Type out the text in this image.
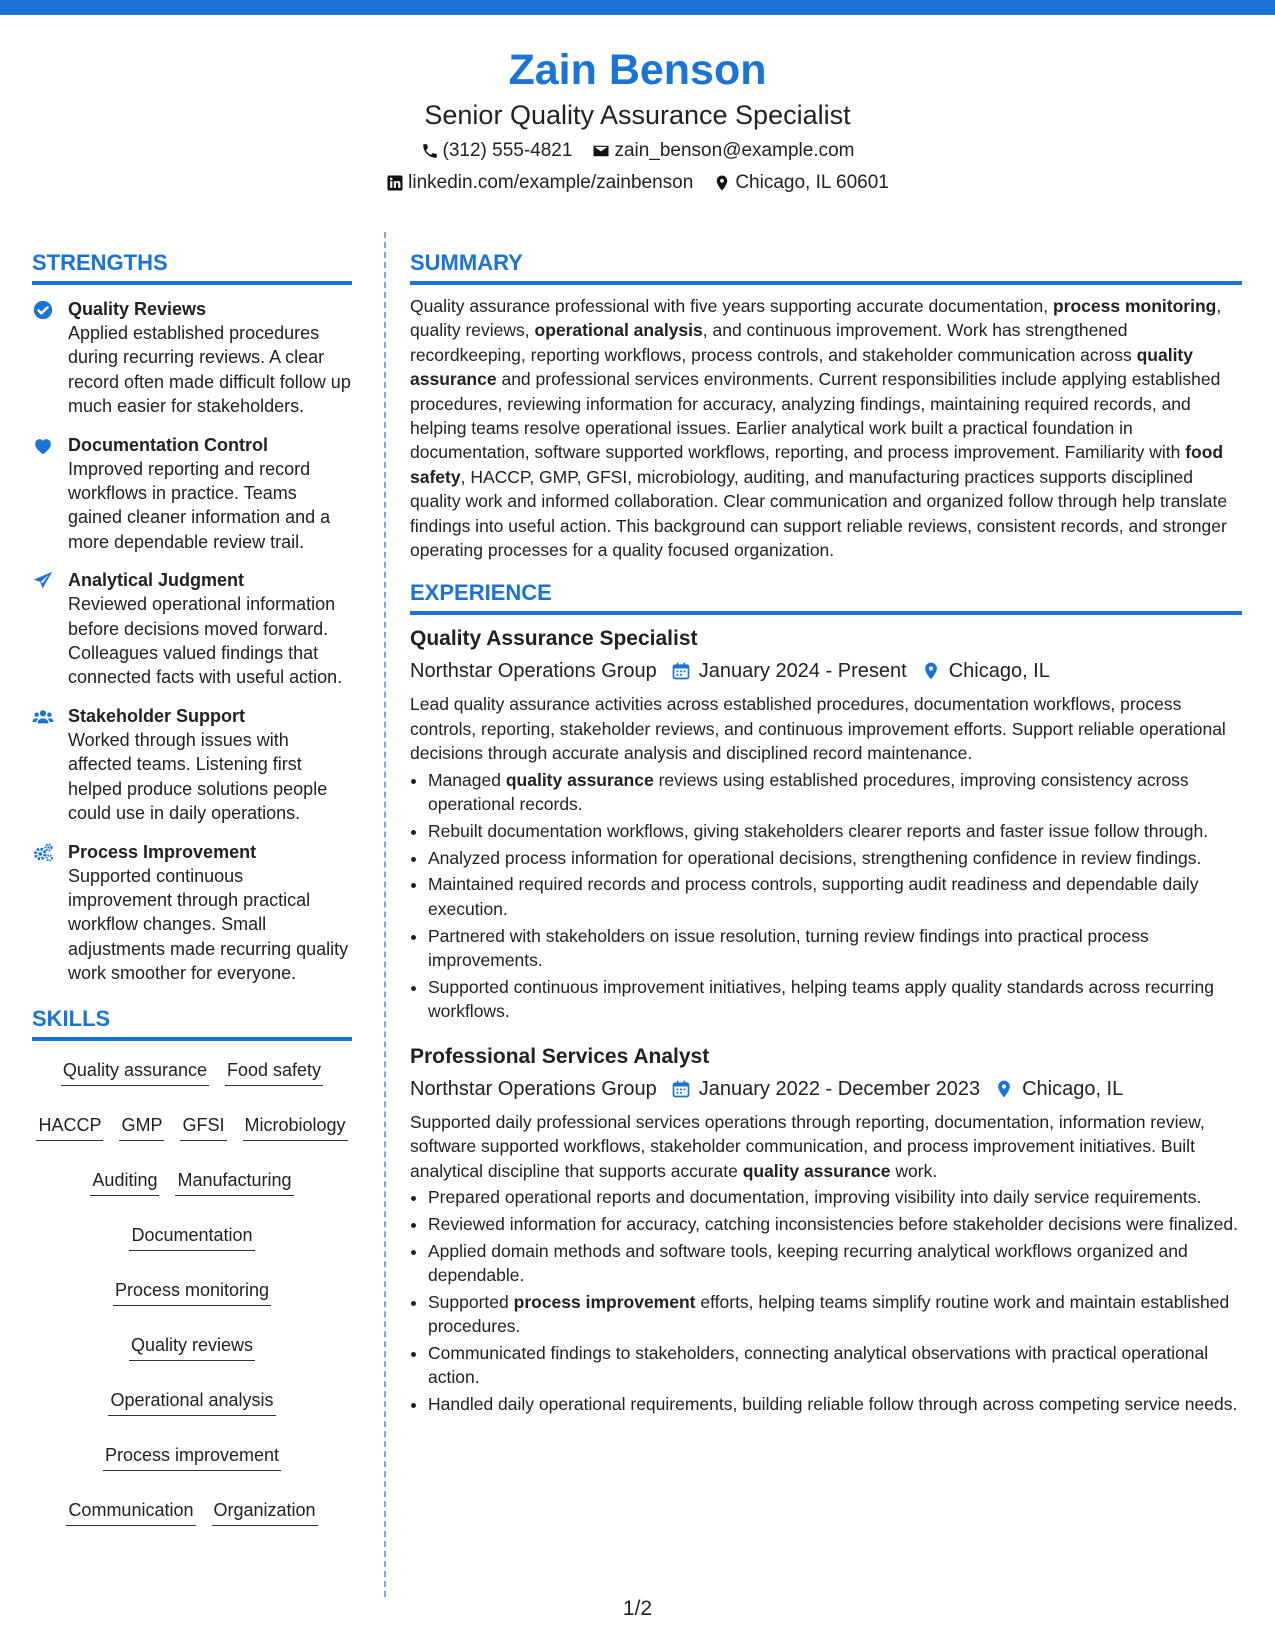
Zain Benson
Senior Quality Assurance Specialist
(312) 555-4821 zain_benson@example.com
linkedin.com/example/zainbenson Chicago, IL 60601
STRENGTHS
Quality Reviews
Applied established procedures during recurring reviews. A clear record often made difficult follow up much easier for stakeholders.
Documentation Control
Improved reporting and record workflows in practice. Teams gained cleaner information and a more dependable review trail.
Analytical Judgment
Reviewed operational information before decisions moved forward. Colleagues valued findings that connected facts with useful action.
Stakeholder Support
Worked through issues with affected teams. Listening first helped produce solutions people could use in daily operations.
Process Improvement
Supported continuous improvement through practical workflow changes. Small adjustments made recurring quality work smoother for everyone.
SKILLS
Quality assurance Food safety
HACCP GMP GFSI Microbiology
Auditing Manufacturing
Documentation
Process monitoring
Quality reviews
Operational analysis
Process improvement
Communication Organization
SUMMARY
Quality assurance professional with five years supporting accurate documentation, process monitoring, quality reviews, operational analysis, and continuous improvement. Work has strengthened recordkeeping, reporting workflows, process controls, and stakeholder communication across quality assurance and professional services environments. Current responsibilities include applying established procedures, reviewing information for accuracy, analyzing findings, maintaining required records, and helping teams resolve operational issues. Earlier analytical work built a practical foundation in documentation, software supported workflows, reporting, and process improvement. Familiarity with food safety, HACCP, GMP, GFSI, microbiology, auditing, and manufacturing practices supports disciplined quality work and informed collaboration. Clear communication and organized follow through help translate findings into useful action. This background can support reliable reviews, consistent records, and stronger operating processes for a quality focused organization.
EXPERIENCE
Quality Assurance Specialist
Northstar Operations Group January 2024 - Present Chicago, IL
Lead quality assurance activities across established procedures, documentation workflows, process controls, reporting, stakeholder reviews, and continuous improvement efforts. Support reliable operational decisions through accurate analysis and disciplined record maintenance.
• Managed quality assurance reviews using established procedures, improving consistency across operational records.
• Rebuilt documentation workflows, giving stakeholders clearer reports and faster issue follow through.
• Analyzed process information for operational decisions, strengthening confidence in review findings.
• Maintained required records and process controls, supporting audit readiness and dependable daily execution.
• Partnered with stakeholders on issue resolution, turning review findings into practical process improvements.
• Supported continuous improvement initiatives, helping teams apply quality standards across recurring workflows.
Professional Services Analyst
Northstar Operations Group January 2022 - December 2023 Chicago, IL
Supported daily professional services operations through reporting, documentation, information review, software supported workflows, stakeholder communication, and process improvement initiatives. Built analytical discipline that supports accurate quality assurance work.
• Prepared operational reports and documentation, improving visibility into daily service requirements.
• Reviewed information for accuracy, catching inconsistencies before stakeholder decisions were finalized.
• Applied domain methods and software tools, keeping recurring analytical workflows organized and dependable.
• Supported process improvement efforts, helping teams simplify routine work and maintain established procedures.
• Communicated findings to stakeholders, connecting analytical observations with practical operational action.
• Handled daily operational requirements, building reliable follow through across competing service needs.
1/2
